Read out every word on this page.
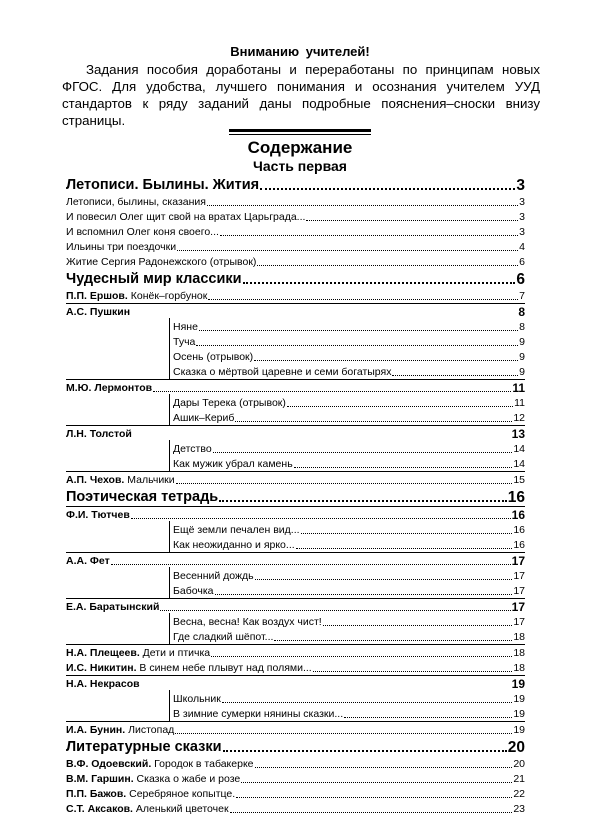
Вниманию учителей!
Задания пособия доработаны и переработаны по принципам новых ФГОС. Для удобства, лучшего понимания и осознания учителем УУД стандартов к ряду заданий даны подробные пояснения–сноски внизу страницы.
Содержание
Часть первая
Летописи. Былины. Жития	3
Летописи, былины, сказания	3
И повесил Олег щит свой на вратах Царьграда...	3
И вспомнил Олег коня своего...	3
Ильины три поездочки	4
Житие Сергия Радонежского (отрывок)	6
Чудесный мир классики	6
П.П. Ершов. Конёк–горбунок	7
А.С. Пушкин	8
Няне	8
Туча	9
Осень (отрывок)	9
Сказка о мёртвой царевне и семи богатырях	9
М.Ю. Лермонтов	11
Дары Терека (отрывок)	11
Ашик–Кериб	12
Л.Н. Толстой	13
Детство	14
Как мужик убрал камень	14
А.П. Чехов. Мальчики	15
Поэтическая тетрадь	16
Ф.И. Тютчев	16
Ещё земли печален вид...	16
Как неожиданно и ярко...	16
А.А. Фет	17
Весенний дождь	17
Бабочка	17
Е.А. Баратынский	17
Весна, весна! Как воздух чист!	17
Где сладкий шёпот...	18
Н.А. Плещеев. Дети и птичка	18
И.С. Никитин. В синем небе плывут над полями...	18
Н.А. Некрасов	19
Школьник	19
В зимние сумерки нянины сказки...	19
И.А. Бунин. Листопад	19
Литературные сказки	20
В.Ф. Одоевский. Городок в табакерке	20
В.М. Гаршин. Сказка о жабе и розе	21
П.П. Бажов. Серебряное копытце.	22
С.Т. Аксаков. Аленький цветочек	23
